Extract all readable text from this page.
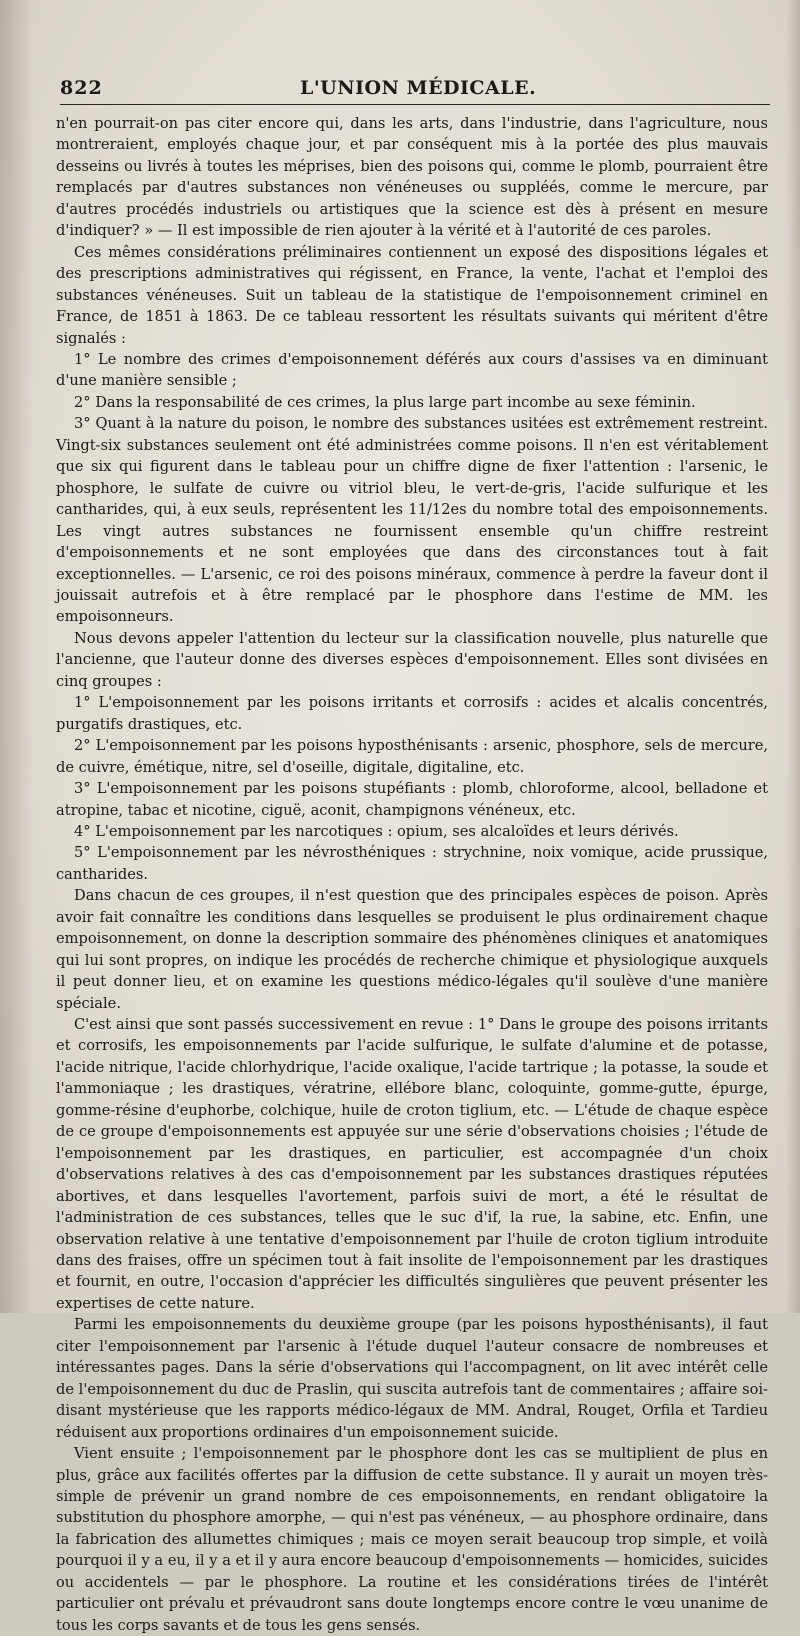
822	L'UNION MÉDICALE.

n'en pourrait-on pas citer encore qui, dans les arts, dans l'industrie, dans l'agriculture, nous montreraient, employés chaque jour, et par conséquent mis à la portée des plus mauvais desseins ou livrés à toutes les méprises, bien des poisons qui, comme le plomb, pourraient être remplacés par d'autres substances non vénéneuses ou suppléés, comme le mercure, par d'autres procédés industriels ou artistiques que la science est dès à présent en mesure d'indiquer? » — Il est impossible de rien ajouter à la vérité et à l'autorité de ces paroles.

Ces mêmes considérations préliminaires contiennent un exposé des dispositions légales et des prescriptions administratives qui régissent, en France, la vente, l'achat et l'emploi des substances vénéneuses. Suit un tableau de la statistique de l'empoisonnement criminel en France, de 1851 à 1863. De ce tableau ressortent les résultats suivants qui méritent d'être signalés :

1° Le nombre des crimes d'empoisonnement déférés aux cours d'assises va en diminuant d'une manière sensible ;

2° Dans la responsabilité de ces crimes, la plus large part incombe au sexe féminin.

3° Quant à la nature du poison, le nombre des substances usitées est extrêmement restreint. Vingt-six substances seulement ont été administrées comme poisons. Il n'en est véritablement que six qui figurent dans le tableau pour un chiffre digne de fixer l'attention : l'arsenic, le phosphore, le sulfate de cuivre ou vitriol bleu, le vert-de-gris, l'acide sulfurique et les cantharides, qui, à eux seuls, représentent les 11/12es du nombre total des empoisonnements. Les vingt autres substances ne fournissent ensemble qu'un chiffre restreint d'empoisonnements et ne sont employées que dans des circonstances tout à fait exceptionnelles. — L'arsenic, ce roi des poisons minéraux, commence à perdre la faveur dont il jouissait autrefois et à être remplacé par le phosphore dans l'estime de MM. les empoisonneurs.

Nous devons appeler l'attention du lecteur sur la classification nouvelle, plus naturelle que l'ancienne, que l'auteur donne des diverses espèces d'empoisonnement. Elles sont divisées en cinq groupes :

1° L'empoisonnement par les poisons irritants et corrosifs : acides et alcalis concentrés, purgatifs drastiques, etc.

2° L'empoisonnement par les poisons hyposthénisants : arsenic, phosphore, sels de mercure, de cuivre, émétique, nitre, sel d'oseille, digitale, digitaline, etc.

3° L'empoisonnement par les poisons stupéfiants : plomb, chloroforme, alcool, belladone et atropine, tabac et nicotine, ciguë, aconit, champignons vénéneux, etc.

4° L'empoisonnement par les narcotiques : opium, ses alcaloïdes et leurs dérivés.

5° L'empoisonnement par les névrosthéniques : strychnine, noix vomique, acide prussique, cantharides.

Dans chacun de ces groupes, il n'est question que des principales espèces de poison. Après avoir fait connaître les conditions dans lesquelles se produisent le plus ordinairement chaque empoisonnement, on donne la description sommaire des phénomènes cliniques et anatomiques qui lui sont propres, on indique les procédés de recherche chimique et physiologique auxquels il peut donner lieu, et on examine les questions médico-légales qu'il soulève d'une manière spéciale.

C'est ainsi que sont passés successivement en revue : 1° Dans le groupe des poisons irritants et corrosifs, les empoisonnements par l'acide sulfurique, le sulfate d'alumine et de potasse, l'acide nitrique, l'acide chlorhydrique, l'acide oxalique, l'acide tartrique ; la potasse, la soude et l'ammoniaque ; les drastiques, vératrine, ellébore blanc, coloquinte, gomme-gutte, épurge, gomme-résine d'euphorbe, colchique, huile de croton tiglium, etc. — L'étude de chaque espèce de ce groupe d'empoisonnements est appuyée sur une série d'observations choisies ; l'étude de l'empoisonnement par les drastiques, en particulier, est accompagnée d'un choix d'observations relatives à des cas d'empoisonnement par les substances drastiques réputées abortives, et dans lesquelles l'avortement, parfois suivi de mort, a été le résultat de l'administration de ces substances, telles que le suc d'if, la rue, la sabine, etc. Enfin, une observation relative à une tentative d'empoisonnement par l'huile de croton tiglium introduite dans des fraises, offre un spécimen tout à fait insolite de l'empoisonnement par les drastiques et fournit, en outre, l'occasion d'apprécier les difficultés singulières que peuvent présenter les expertises de cette nature.

Parmi les empoisonnements du deuxième groupe (par les poisons hyposthénisants), il faut citer l'empoisonnement par l'arsenic à l'étude duquel l'auteur consacre de nombreuses et intéressantes pages. Dans la série d'observations qui l'accompagnent, on lit avec intérêt celle de l'empoisonnement du duc de Praslin, qui suscita autrefois tant de commentaires ; affaire soi-disant mystérieuse que les rapports médico-légaux de MM. Andral, Rouget, Orfila et Tardieu réduisent aux proportions ordinaires d'un empoisonnement suicide.

Vient ensuite ; l'empoisonnement par le phosphore dont les cas se multiplient de plus en plus, grâce aux facilités offertes par la diffusion de cette substance. Il y aurait un moyen très-simple de prévenir un grand nombre de ces empoisonnements, en rendant obligatoire la substitution du phosphore amorphe, — qui n'est pas vénéneux, — au phosphore ordinaire, dans la fabrication des allumettes chimiques ; mais ce moyen serait beaucoup trop simple, et voilà pourquoi il y a eu, il y a et il y aura encore beaucoup d'empoisonnements — homicides, suicides ou accidentels — par le phosphore. La routine et les considérations tirées de l'intérêt particulier ont prévalu et prévaudront sans doute longtemps encore contre le vœu unanime de tous les corps savants et de tous les gens sensés.
